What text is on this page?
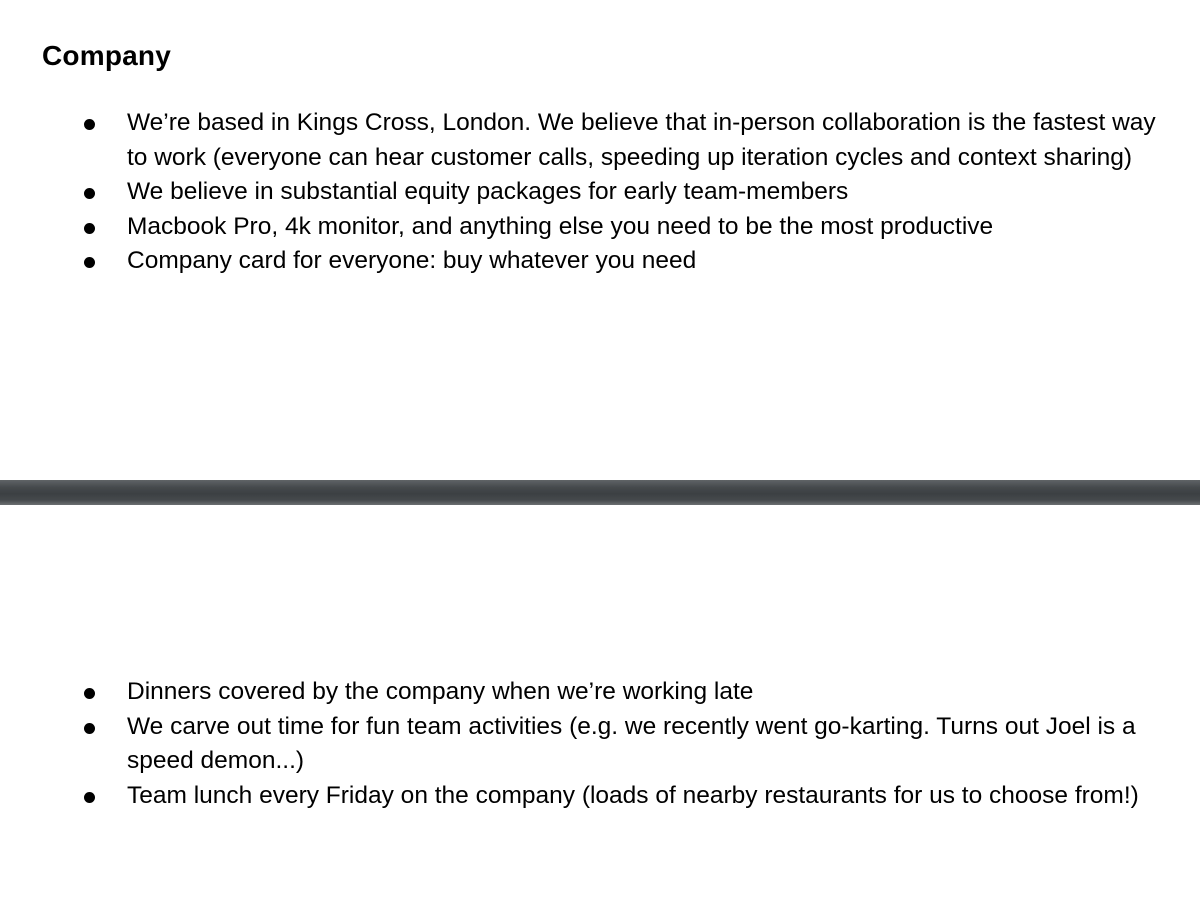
Company
We’re based in Kings Cross, London. We believe that in-person collaboration is the fastest way to work (everyone can hear customer calls, speeding up iteration cycles and context sharing)
We believe in substantial equity packages for early team-members
Macbook Pro, 4k monitor, and anything else you need to be the most productive
Company card for everyone: buy whatever you need
Dinners covered by the company when we’re working late
We carve out time for fun team activities (e.g. we recently went go-karting. Turns out Joel is a speed demon...)
Team lunch every Friday on the company (loads of nearby restaurants for us to choose from!)
